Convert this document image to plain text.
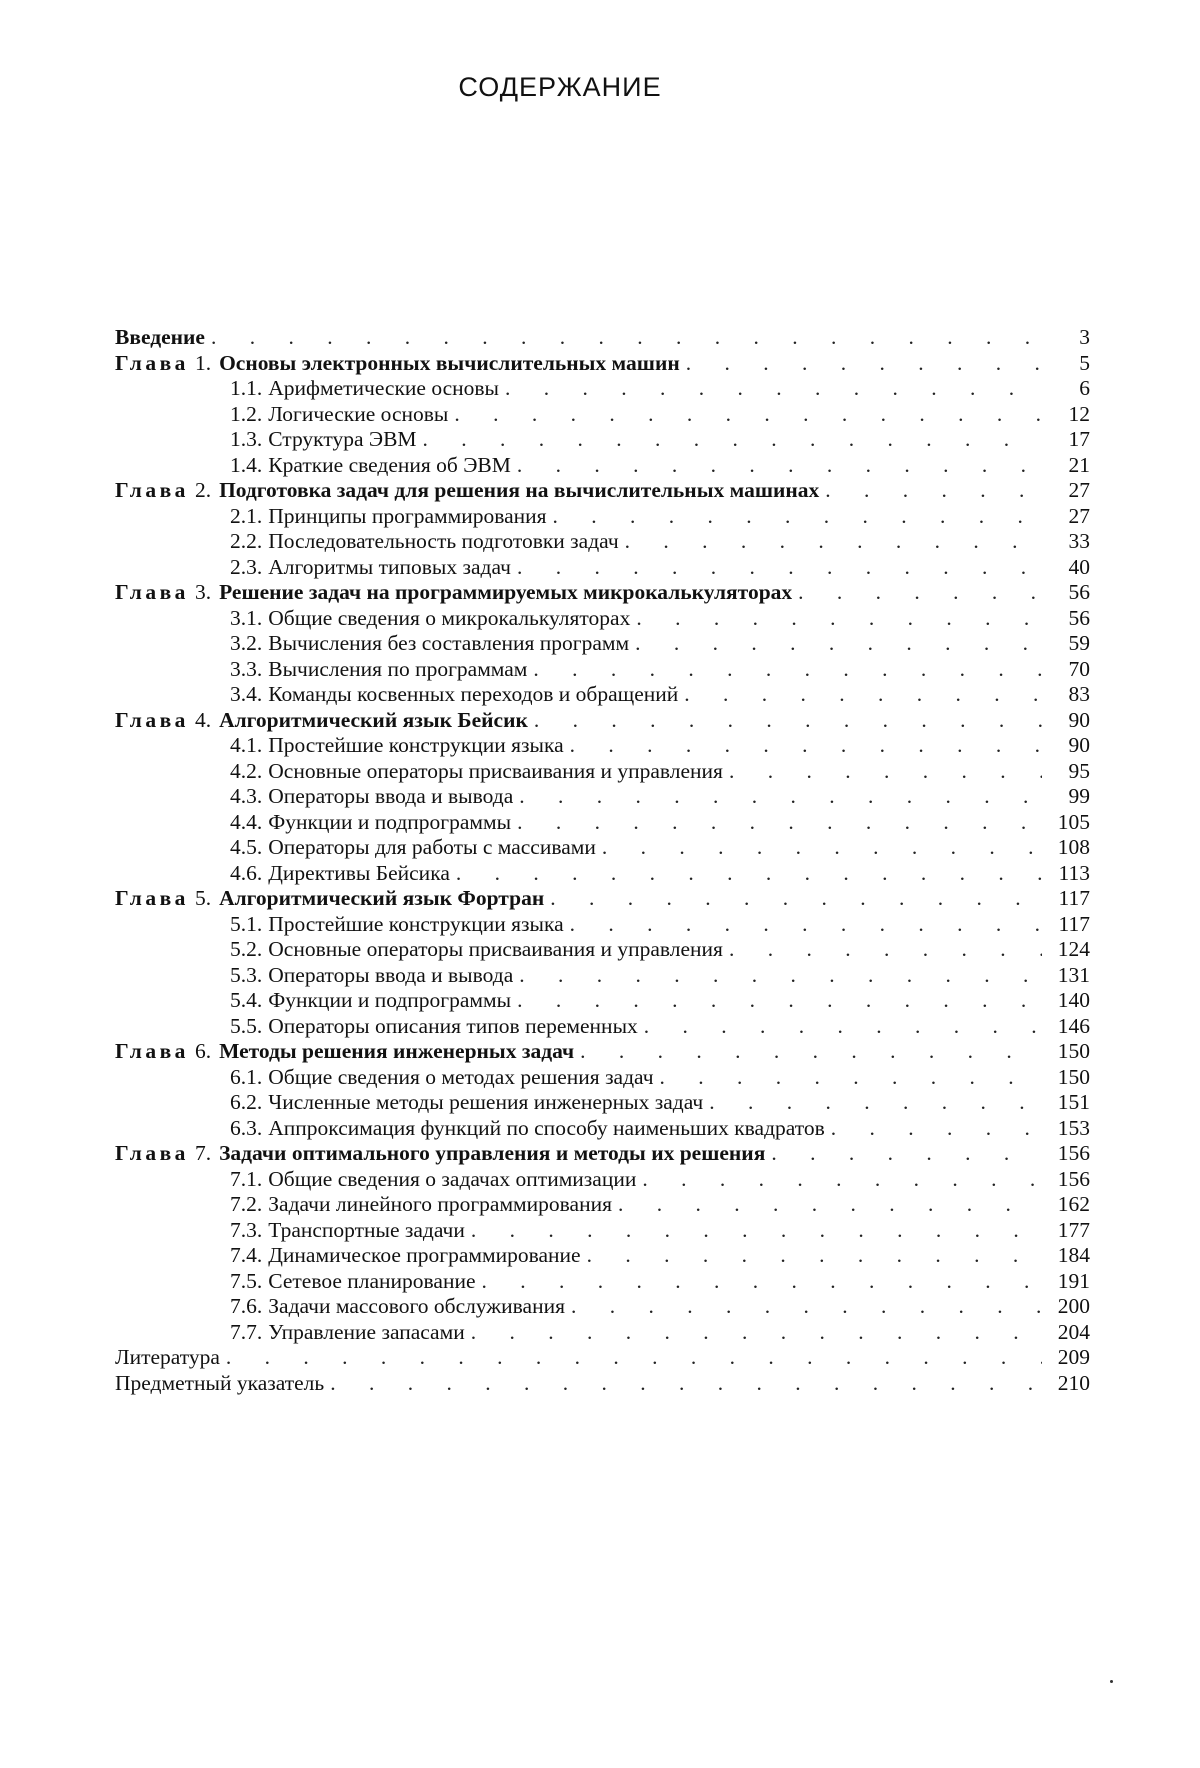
СОДЕРЖАНИЕ
Введение . . .	3
Глава 1. Основы электронных вычислительных машин . . .	5
1.1. Арифметические основы . . .	6
1.2. Логические основы . . .	12
1.3. Структура ЭВМ . . .	17
1.4. Краткие сведения об ЭВМ . . .	21
Глава 2. Подготовка задач для решения на вычислительных машинах . . .	27
2.1. Принципы программирования . . .	27
2.2. Последовательность подготовки задач . . .	33
2.3. Алгоритмы типовых задач . . .	40
Глава 3. Решение задач на программируемых микрокалькуляторах . . .	56
3.1. Общие сведения о микрокалькуляторах . . .	56
3.2. Вычисления без составления программ . . .	59
3.3. Вычисления по программам . . .	70
3.4. Команды косвенных переходов и обращений . . .	83
Глава 4. Алгоритмический язык Бейсик . . .	90
4.1. Простейшие конструкции языка . . .	90
4.2. Основные операторы присваивания и управления . . .	95
4.3. Операторы ввода и вывода . . .	99
4.4. Функции и подпрограммы . . .	105
4.5. Операторы для работы с массивами . . .	108
4.6. Директивы Бейсика . . .	113
Глава 5. Алгоритмический язык Фортран . . .	117
5.1. Простейшие конструкции языка . . .	117
5.2. Основные операторы присваивания и управления . . .	124
5.3. Операторы ввода и вывода . . .	131
5.4. Функции и подпрограммы . . .	140
5.5. Операторы описания типов переменных . . .	146
Глава 6. Методы решения инженерных задач . . .	150
6.1. Общие сведения о методах решения задач . . .	150
6.2. Численные методы решения инженерных задач . . .	151
6.3. Аппроксимация функций по способу наименьших квадратов . . .	153
Глава 7. Задачи оптимального управления и методы их решения . . .	156
7.1. Общие сведения о задачах оптимизации . . .	156
7.2. Задачи линейного программирования . . .	162
7.3. Транспортные задачи . . .	177
7.4. Динамическое программирование . . .	184
7.5. Сетевое планирование . . .	191
7.6. Задачи массового обслуживания . . .	200
7.7. Управление запасами . . .	204
Литература . . .	209
Предметный указатель . . .	210
